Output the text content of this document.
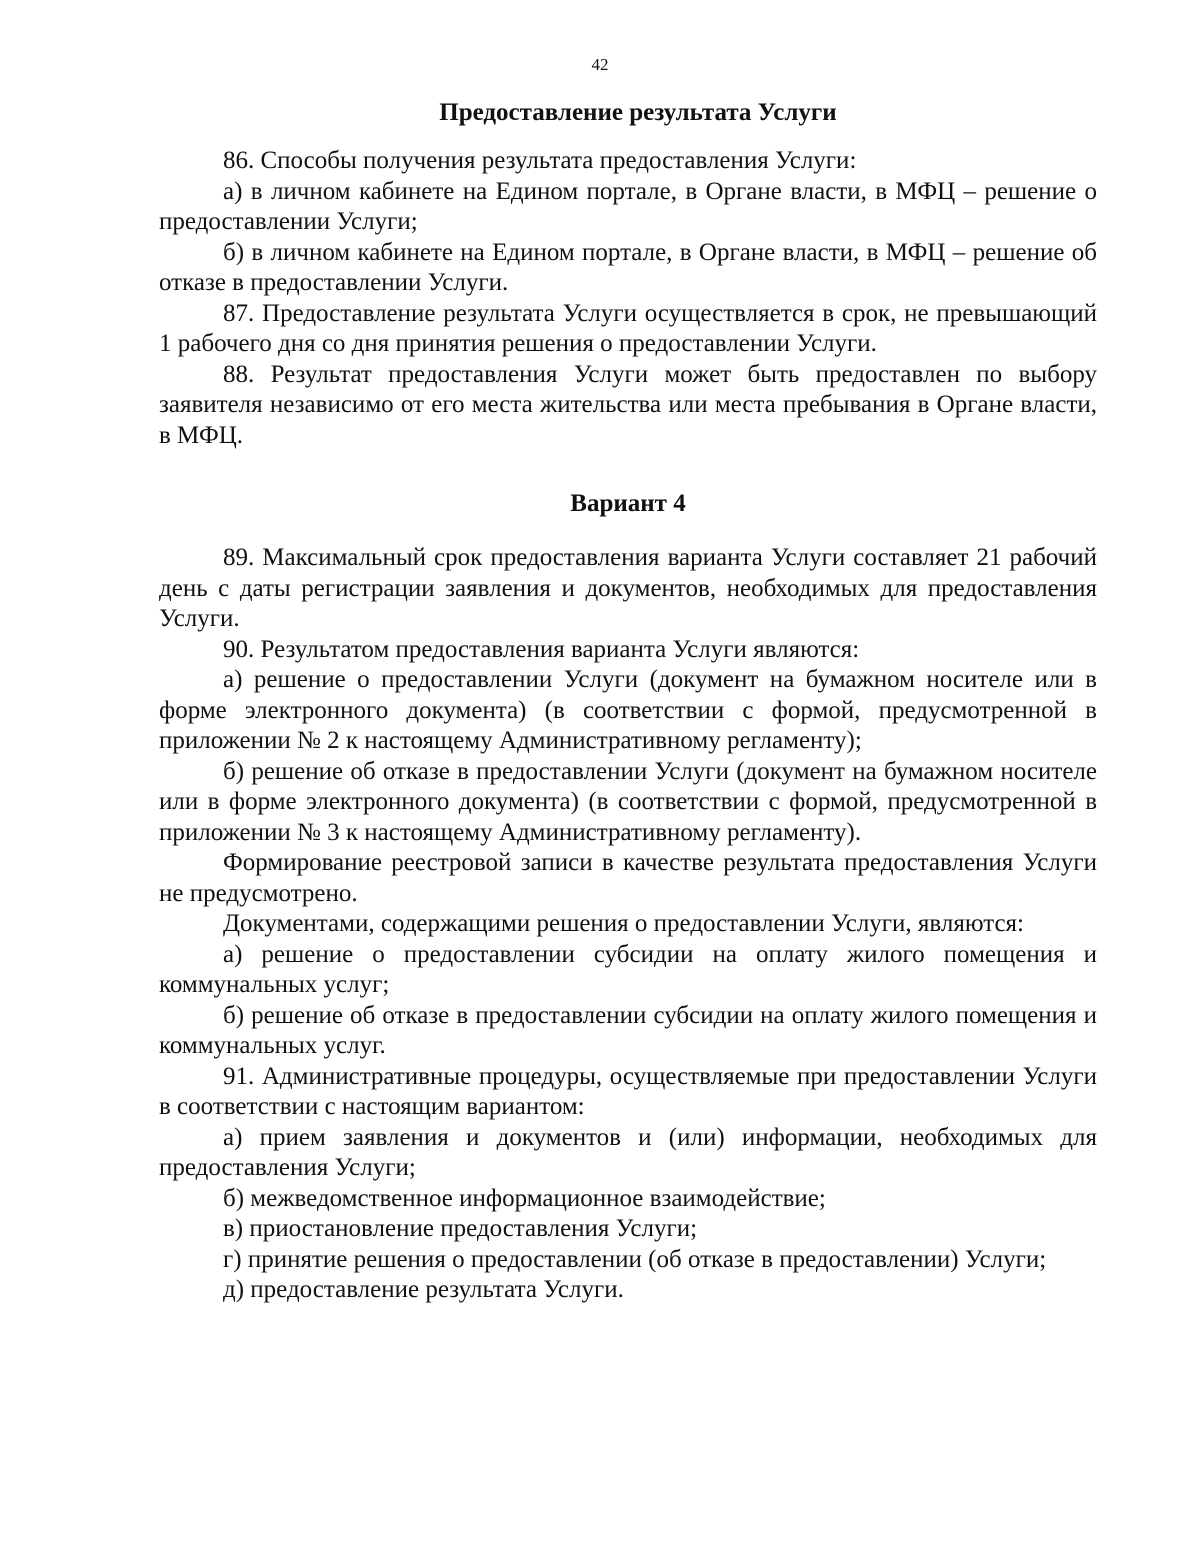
42
Предоставление результата Услуги

86. Способы получения результата предоставления Услуги:

а) в личном кабинете на Едином портале, в Органе власти, в МФЦ – решение о предоставлении Услуги;

б) в личном кабинете на Едином портале, в Органе власти, в МФЦ – решение об отказе в предоставлении Услуги.

87. Предоставление результата Услуги осуществляется в срок, не превышающий 1 рабочего дня со дня принятия решения о предоставлении Услуги.

88. Результат предоставления Услуги может быть предоставлен по выбору заявителя независимо от его места жительства или места пребывания в Органе власти, в МФЦ.

Вариант 4

89. Максимальный срок предоставления варианта Услуги составляет 21 рабочий день с даты регистрации заявления и документов, необходимых для предоставления Услуги.

90. Результатом предоставления варианта Услуги являются:

а) решение о предоставлении Услуги (документ на бумажном носителе или в форме электронного документа) (в соответствии с формой, предусмотренной в приложении № 2 к настоящему Административному регламенту);

б) решение об отказе в предоставлении Услуги (документ на бумажном носителе или в форме электронного документа) (в соответствии с формой, предусмотренной в приложении № 3 к настоящему Административному регламенту).

Формирование реестровой записи в качестве результата предоставления Услуги не предусмотрено.

Документами, содержащими решения о предоставлении Услуги, являются:

а) решение о предоставлении субсидии на оплату жилого помещения и коммунальных услуг;

б) решение об отказе в предоставлении субсидии на оплату жилого помещения и коммунальных услуг.

91. Административные процедуры, осуществляемые при предоставлении Услуги в соответствии с настоящим вариантом:

а) прием заявления и документов и (или) информации, необходимых для предоставления Услуги;

б) межведомственное информационное взаимодействие;

в) приостановление предоставления Услуги;

г) принятие решения о предоставлении (об отказе в предоставлении) Услуги;

д) предоставление результата Услуги.
